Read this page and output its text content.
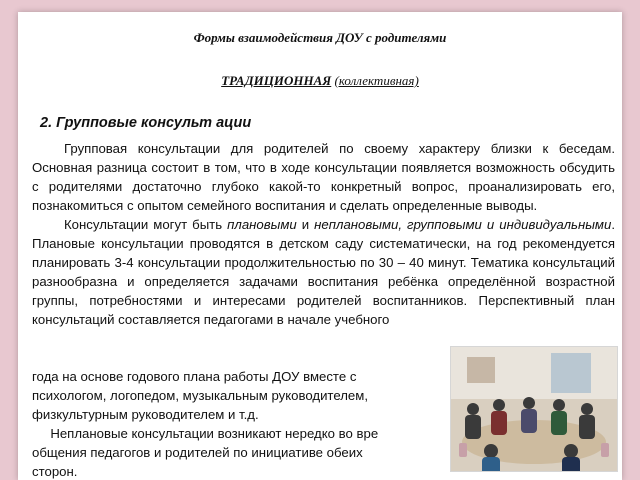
Формы взаимодействия ДОУ с родителями
ТРАДИЦИОННАЯ (коллективная)
2. Групповые консульт ации

Групповая консультации для родителей по своему характеру близки к беседам. Основная разница состоит в том, что в ходе консультации появляется возможность обсудить с родителями достаточно глубоко какой-то конкретный вопрос, проанализировать его, познакомиться с опытом семейного воспитания и сделать определенные выводы.

Консультации могут быть плановыми и неплановыми, групповыми и индивидуальными. Плановые консультации проводятся в детском саду систематически, на год рекомендуется планировать 3-4 консультации продолжительностью по 30 – 40 минут. Тематика консультаций разнообразна и определяется задачами воспитания ребёнка определённой возрастной группы, потребностями и интересами родителей воспитанников. Перспективный план консультаций составляется педагогами в начале учебного

года на основе годового плана работы ДОУ вместе с

психологом, логопедом, музыкальным руководителем,

физкультурным руководителем и т.д.

Неплановые консультации возникают нередко во вре

общения педагогов и родителей по инициативе обеих

сторон.
